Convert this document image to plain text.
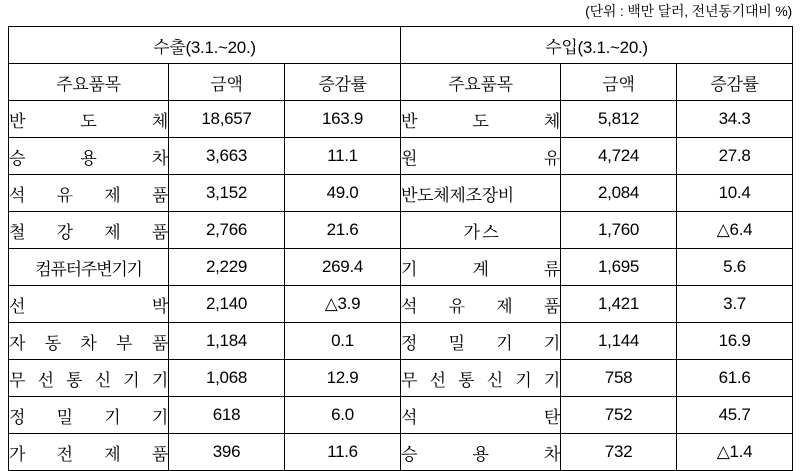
(단위 : 백만 달러, 전년동기대비 %)
수출(3.1.~20.)			수입(3.1.~20.)		
주요품목	금액	증감률	주요품목	금액	증감률
반 도 체	18,657	163.9	반 도 체	5,812	34.3
승 용 차	3,663	11.1	원 유	4,724	27.8
석 유 제 품	3,152	49.0	반도체제조장비	2,084	10.4
철 강 제 품	2,766	21.6	가 스	1,760	△6.4
컴퓨터주변기기	2,229	269.4	기 계 류	1,695	5.6
선 박	2,140	△3.9	석 유 제 품	1,421	3.7
자 동 차 부 품	1,184	0.1	정 밀 기 기	1,144	16.9
무 선 통 신 기 기	1,068	12.9	무 선 통 신 기 기	758	61.6
정 밀 기 기	618	6.0	석 탄	752	45.7
가 전 제 품	396	11.6	승 용 차	732	△1.4
